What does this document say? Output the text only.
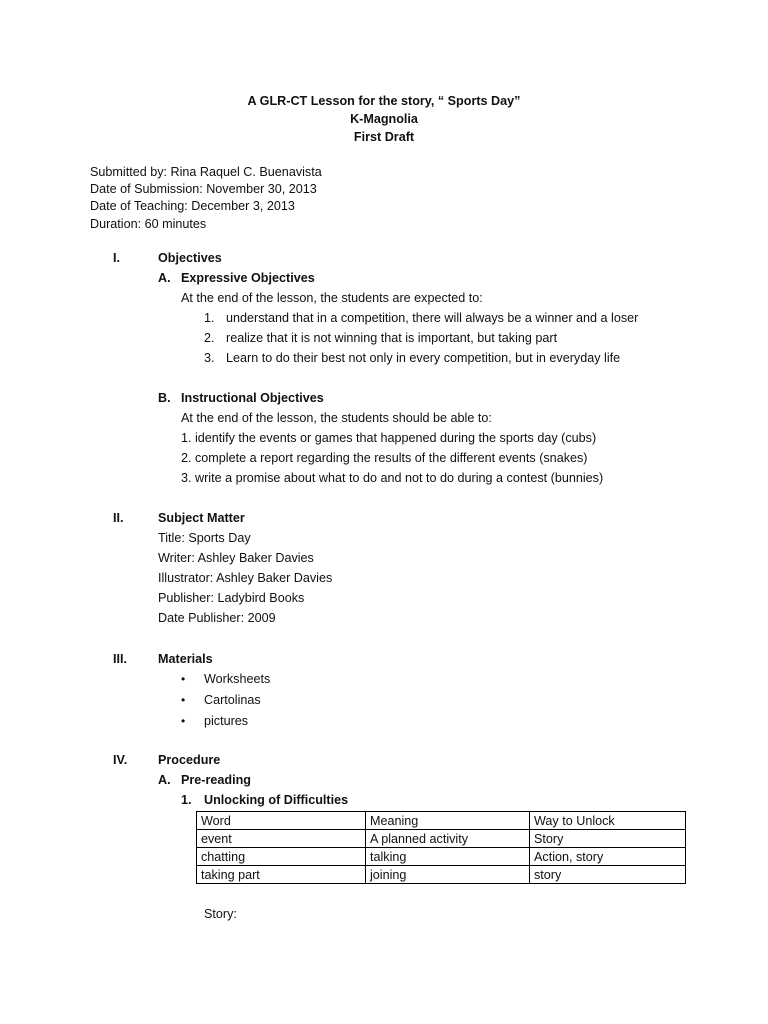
A GLR-CT Lesson for the story, “ Sports Day”
K-Magnolia
First Draft
Submitted by: Rina Raquel C. Buenavista
Date of Submission: November 30, 2013
Date of Teaching: December 3, 2013
Duration: 60 minutes
I.	Objectives
A. Expressive Objectives
At the end of the lesson, the students are expected to:
1. understand that in a competition, there will always be a winner and a loser
2. realize that it is not winning that is important, but taking part
3. Learn to do their best not only in every competition, but in everyday life
B. Instructional Objectives
At the end of the lesson, the students should be able to:
1. identify the events or games that happened during the sports day (cubs)
2. complete a report regarding the results of the different events (snakes)
3. write a promise about what to do and not to do during a contest (bunnies)
II.	Subject Matter
Title: Sports Day
Writer: Ashley Baker Davies
Illustrator: Ashley Baker Davies
Publisher: Ladybird Books
Date Publisher: 2009
III. Materials
• Worksheets
• Cartolinas
• pictures
IV. Procedure
A. Pre-reading
1. Unlocking of Difficulties
Word	Meaning	Way to Unlock
event	A planned activity	Story
chatting	talking	Action, story
taking part	joining	story
Story:
